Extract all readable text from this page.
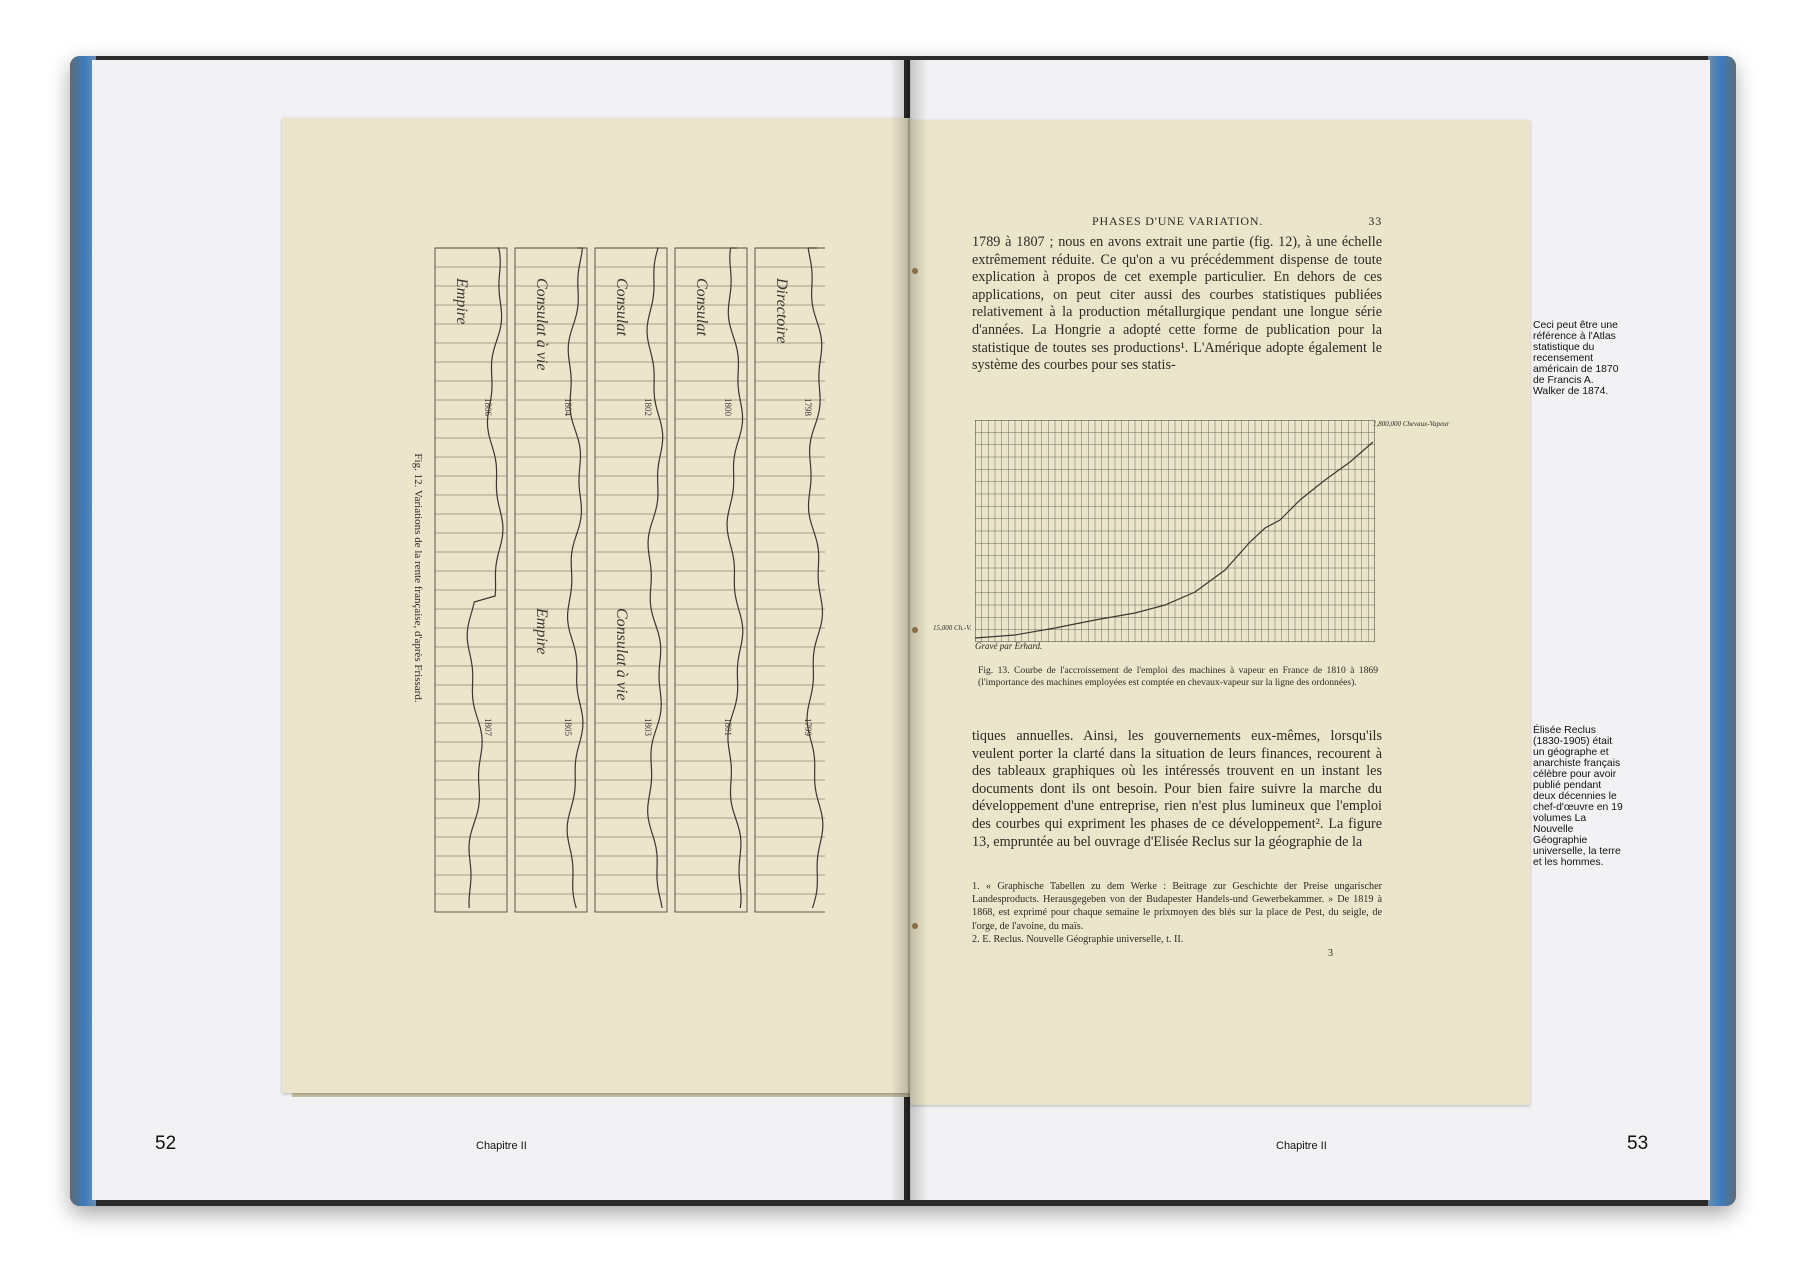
1806
1807
Empire
1804
1805
Consulat à vie
Empire
1802
1803
Consulat
Consulat à vie
1800
1801
Consulat
1798
1799
Directoire
Fig. 12. Variations de la rente française, d'après Frissard.
PHASES D'UNE VARIATION.	33

1789 à 1807 ; nous en avons extrait une partie (fig. 12), à une échelle extrêmement réduite. Ce qu'on a vu précédemment dispense de toute explication à propos de cet exemple particulier. En dehors de ces applications, on peut citer aussi des courbes statistiques publiées relativement à la production métallurgique pendant une longue série d'années. La Hongrie a adopté cette forme de publication pour la statistique de toutes ses productions¹. L'Amérique adopte également le système des courbes pour ses statis-

1,800,000 Chevaux-Vapeur
15,000 Ch.-V.
Gravé par Erhard.

Fig. 13. Courbe de l'accroissement de l'emploi des machines à vapeur en France de 1810 à 1869 (l'importance des machines employées est comptée en chevaux-vapeur sur la ligne des ordonnées).

tiques annuelles. Ainsi, les gouvernements eux-mêmes, lorsqu'ils veulent porter la clarté dans la situation de leurs finances, recourent à des tableaux graphiques où les intéressés trouvent en un instant les documents dont ils ont besoin. Pour bien faire suivre la marche du développement d'une entreprise, rien n'est plus lumineux que l'emploi des courbes qui expriment les phases de ce développement². La figure 13, empruntée au bel ouvrage d'Elisée Reclus sur la géographie de la

1. « Graphische Tabellen zu dem Werke : Beitrage zur Geschichte der Preise ungarischer Landesproducts. Herausgegeben von der Budapester Handels-und Gewerbekammer. » De 1819 à 1868, est exprimé pour chaque semaine le prixmoyen des blés sur la place de Pest, du seigle, de l'orge, de l'avoine, du maïs.
2. E. Reclus. Nouvelle Géographie universelle, t. II.

3
52	Chapitre II	Chapitre II	53

Ceci peut être une référence à l'Atlas statistique du recensement américain de 1870 de Francis A. Walker de 1874.

Élisée Reclus (1830-1905) était un géographe et anarchiste français célèbre pour avoir publié pendant deux décennies le chef-d'œuvre en 19 volumes La Nouvelle Géographie universelle, la terre et les hommes.
